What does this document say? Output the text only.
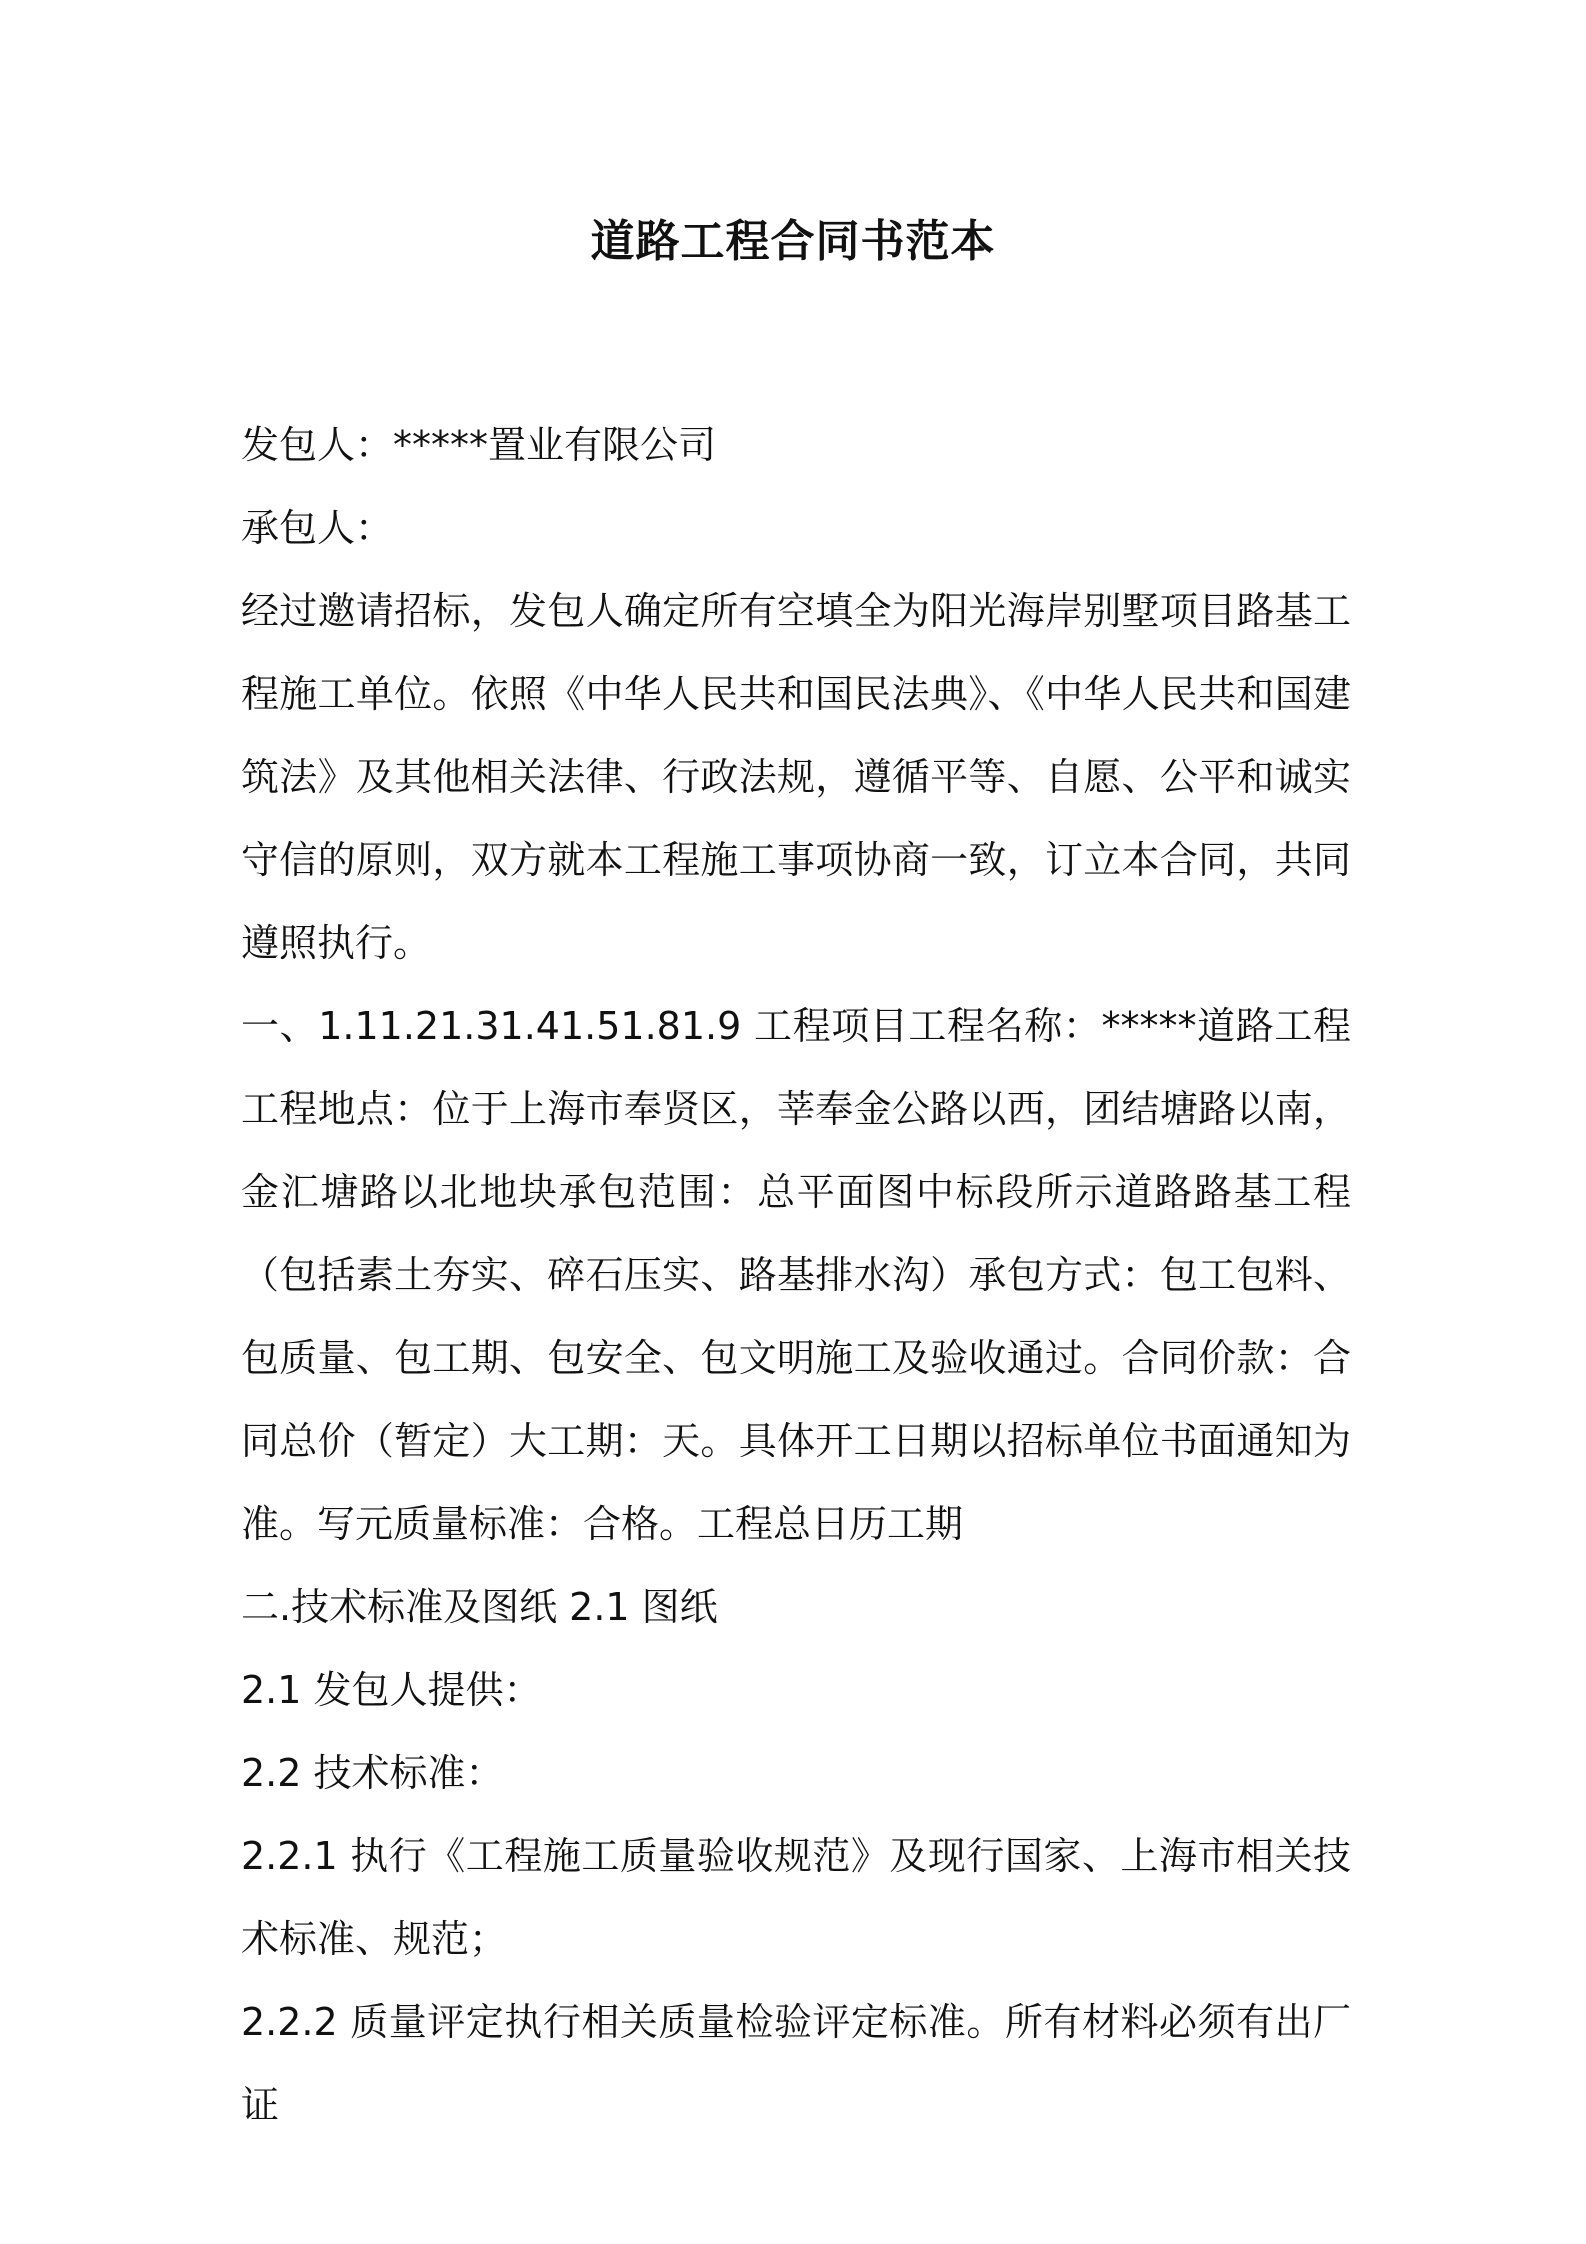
道路工程合同书范本

发包人：*****置业有限公司

承包人：

经过邀请招标，发包人确定所有空填全为阳光海岸别墅项目路基工程施工单位。依照《中华人民共和国民法典》、《中华人民共和国建筑法》及其他相关法律、行政法规，遵循平等、自愿、公平和诚实守信的原则，双方就本工程施工事项协商一致，订立本合同，共同遵照执行。

一、1.11.21.31.41.51.81.9 工程项目工程名称：*****道路工程工程地点：位于上海市奉贤区，莘奉金公路以西，团结塘路以南，金汇塘路以北地块承包范围：总平面图中标段所示道路路基工程（包括素土夯实、碎石压实、路基排水沟）承包方式：包工包料、包质量、包工期、包安全、包文明施工及验收通过。合同价款：合同总价（暂定）大工期：天。具体开工日期以招标单位书面通知为准。写元质量标准：合格。工程总日历工期

二.技术标准及图纸 2.1 图纸

2.1 发包人提供：

2.2 技术标准：

2.2.1 执行《工程施工质量验收规范》及现行国家、上海市相关技术标准、规范；

2.2.2 质量评定执行相关质量检验评定标准。所有材料必须有出厂证
